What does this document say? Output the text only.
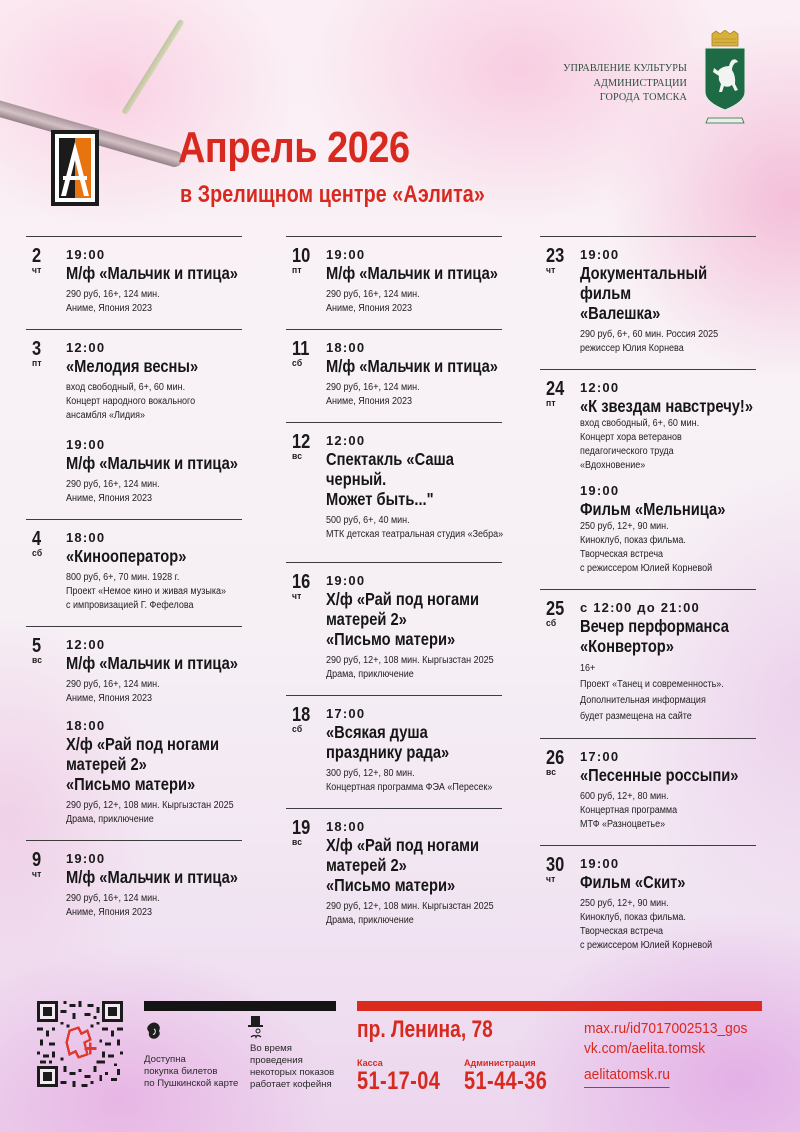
Апрель 2026
в Зрелищном центре «Аэлита»
УПРАВЛЕНИЕ КУЛЬТУРЫ
АДМИНИСТРАЦИИ
ГОРОДА ТОМСКА
2
чт
19:00
М/ф «Мальчик и птица»
290 руб, 16+, 124 мин.
Аниме, Япония 2023
3
пт
12:00
«Мелодия весны»
вход свободный, 6+, 60 мин.
Концерт народного вокального
ансамбля «Лидия»
19:00
М/ф «Мальчик и птица»
290 руб, 16+, 124 мин.
Аниме, Япония 2023
4
сб
18:00
«Кинооператор»
800 руб, 6+, 70 мин. 1928 г.
Проект «Немое кино и живая музыка»
с импровизацией Г. Фефелова
5
вс
12:00
М/ф «Мальчик и птица»
290 руб, 16+, 124 мин.
Аниме, Япония 2023
18:00
Х/ф «Рай под ногами
матерей 2»
«Письмо матери»
290 руб, 12+, 108 мин. Кыргызстан 2025
Драма, приключение
9
чт
19:00
М/ф «Мальчик и птица»
290 руб, 16+, 124 мин.
Аниме, Япония 2023
10
пт
19:00
М/ф «Мальчик и птица»
290 руб, 16+, 124 мин.
Аниме, Япония 2023
11
сб
18:00
М/ф «Мальчик и птица»
290 руб, 16+, 124 мин.
Аниме, Япония 2023
12
вс
12:00
Спектакль «Саша черный.
Может быть..."
500 руб, 6+, 40 мин.
МТК детская театральная студия «Зебра»
16
чт
19:00
Х/ф «Рай под ногами
матерей 2»
«Письмо матери»
290 руб, 12+, 108 мин. Кыргызстан 2025
Драма, приключение
18
сб
17:00
«Всякая душа
празднику рада»
300 руб, 12+, 80 мин.
Концертная программа ФЭА «Пересек»
19
вс
18:00
Х/ф «Рай под ногами
матерей 2»
«Письмо матери»
290 руб, 12+, 108 мин. Кыргызстан 2025
Драма, приключение
23
чт
19:00
Документальный фильм
«Валешка»
290 руб, 6+, 60 мин. Россия 2025
режиссер Юлия Корнева
24
пт
12:00
«К звездам навстречу!»
вход свободный, 6+, 60 мин.
Концерт хора ветеранов
педагогического труда
«Вдохновение»
19:00
Фильм «Мельница»
250 руб, 12+, 90 мин.
Киноклуб, показ фильма.
Творческая встреча
с режиссером Юлией Корневой
25
сб
с 12:00 до 21:00
Вечер перформанса
«Конвертор»
16+
Проект «Танец и современность».
Дополнительная информация
будет размещена на сайте
26
вс
17:00
«Песенные россыпи»
600 руб, 12+, 80 мин.
Концертная программа
МТФ «Разноцветье»
30
чт
19:00
Фильм «Скит»
250 руб, 12+, 90 мин.
Киноклуб, показ фильма.
Творческая встреча
с режиссером Юлией Корневой
Доступна
покупка билетов
по Пушкинской карте
Во время
проведения
некоторых показов
работает кофейня
пр. Ленина, 78
Касса	Администрация
51-17-04 51-44-36
max.ru/id7017002513_gos
vk.com/aelita.tomsk
aelitatomsk.ru
